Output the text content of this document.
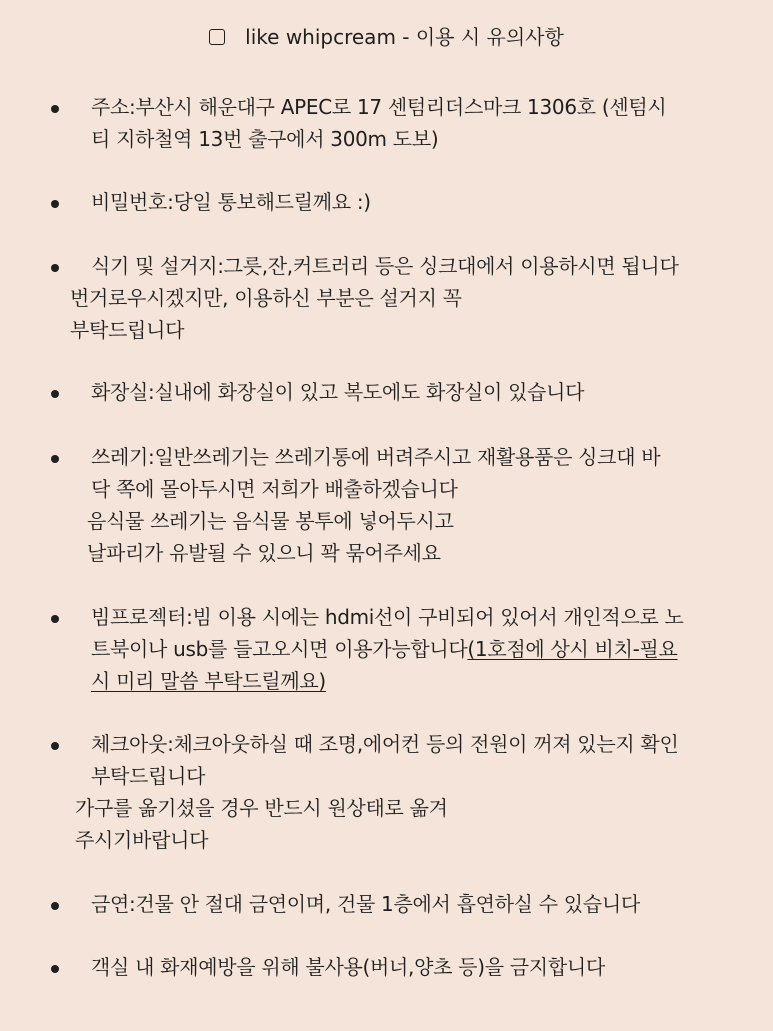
like whipcream - 이용 시 유의사항
주소:부산시 해운대구 APEC로 17 센텀리더스마크 1306호 (센텀시
티 지하철역 13번 출구에서 300m 도보)
비밀번호:당일 통보해드릴께요 :)
식기 및 설거지:그릇,잔,커트러리 등은 싱크대에서 이용하시면 됩니다
번거로우시겠지만, 이용하신 부분은 설거지 꼭
부탁드립니다
화장실:실내에 화장실이 있고 복도에도 화장실이 있습니다
쓰레기:일반쓰레기는 쓰레기통에 버려주시고 재활용품은 싱크대 바
닥 쪽에 몰아두시면 저희가 배출하겠습니다
음식물 쓰레기는 음식물 봉투에 넣어두시고
날파리가 유발될 수 있으니 꽉 묶어주세요
빔프로젝터:빔 이용 시에는 hdmi선이 구비되어 있어서 개인적으로 노
트북이나 usb를 들고오시면 이용가능합니다(1호점에 상시 비치-필요
시 미리 말씀 부탁드릴께요)
체크아웃:체크아웃하실 때 조명,에어컨 등의 전원이 꺼져 있는지 확인
부탁드립니다
가구를 옮기셨을 경우 반드시 원상태로 옮겨
주시기바랍니다
금연:건물 안 절대 금연이며, 건물 1층에서 흡연하실 수 있습니다
객실 내 화재예방을 위해 불사용(버너,양초 등)을 금지합니다
